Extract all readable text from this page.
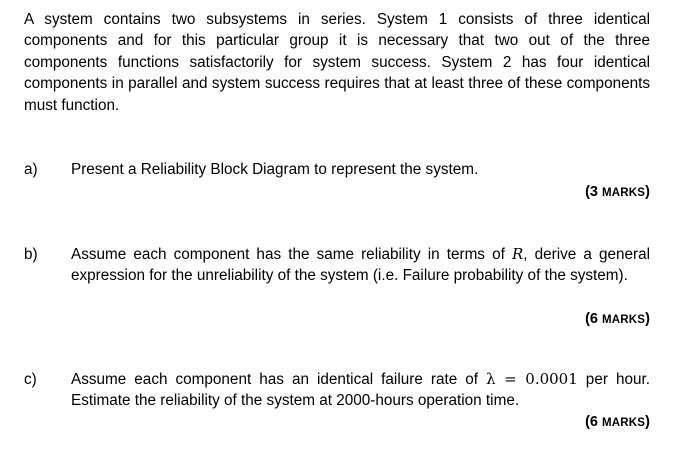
A system contains two subsystems in series. System 1 consists of three identical components and for this particular group it is necessary that two out of the three components functions satisfactorily for system success. System 2 has four identical components in parallel and system success requires that at least three of these components must function.

a) Present a Reliability Block Diagram to represent the system.

(3 MARKS)

b) Assume each component has the same reliability in terms of R, derive a general expression for the unreliability of the system (i.e. Failure probability of the system).

(6 MARKS)

c) Assume each component has an identical failure rate of λ = 0.0001 per hour. Estimate the reliability of the system at 2000-hours operation time.

(6 MARKS)
